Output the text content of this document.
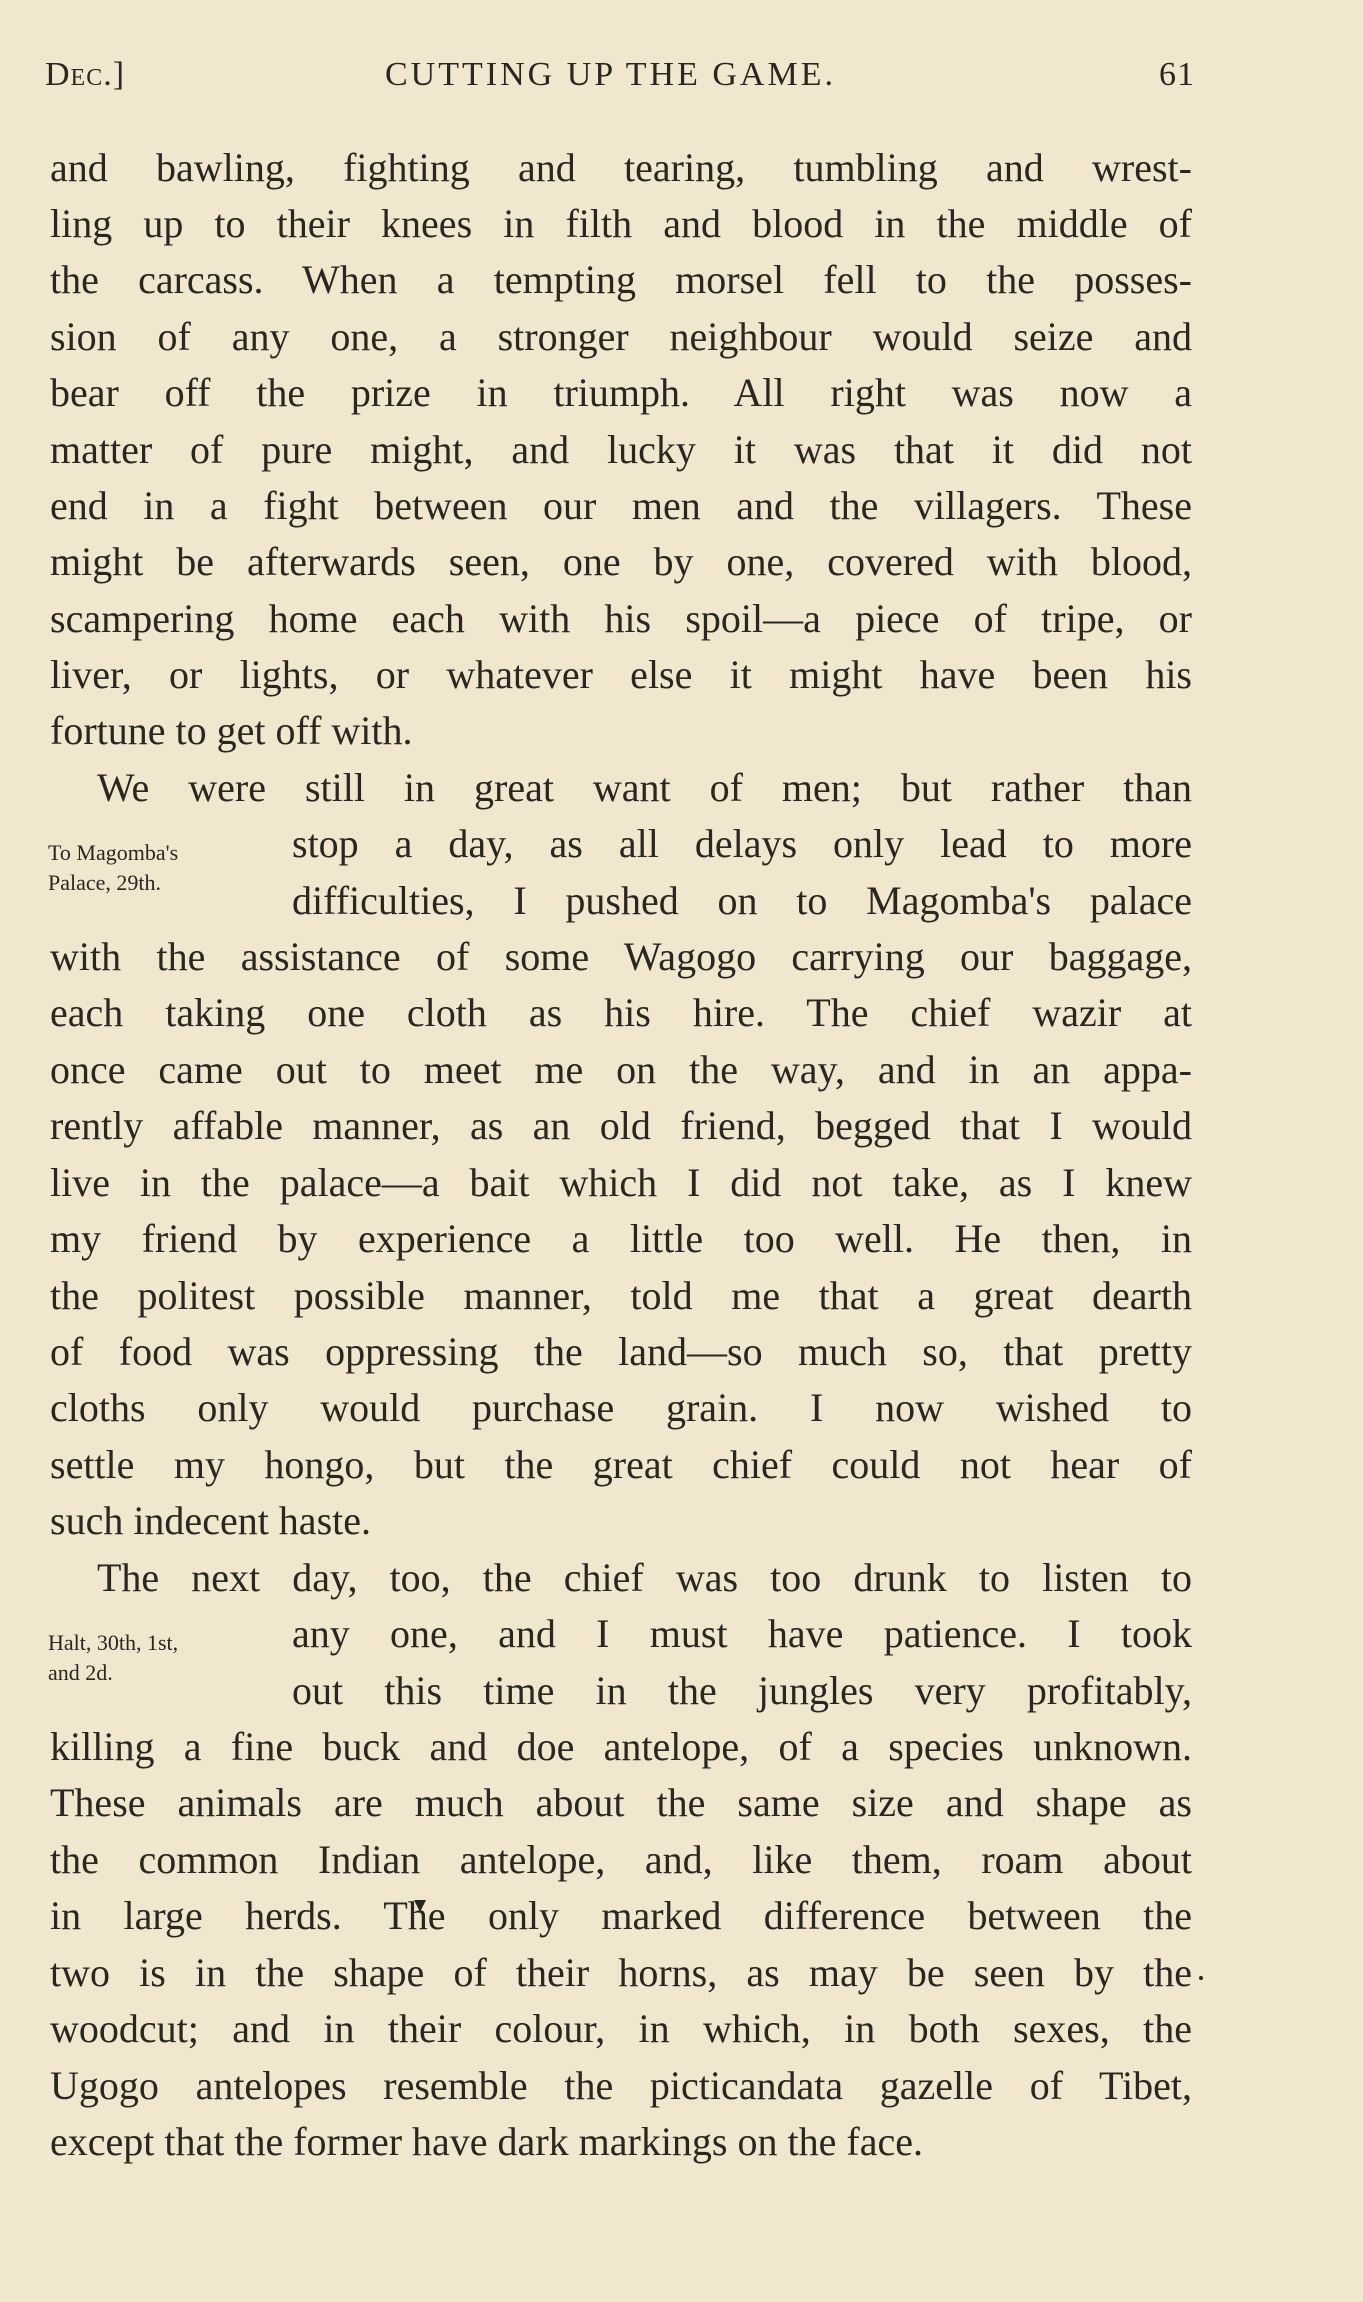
Dec.]	CUTTING UP THE GAME.	61
and bawling, fighting and tearing, tumbling and wrest-
ling up to their knees in filth and blood in the middle of
the carcass. When a tempting morsel fell to the posses-
sion of any one, a stronger neighbour would seize and
bear off the prize in triumph. All right was now a
matter of pure might, and lucky it was that it did not
end in a fight between our men and the villagers. These
might be afterwards seen, one by one, covered with blood,
scampering home each with his spoil—a piece of tripe, or
liver, or lights, or whatever else it might have been his
fortune to get off with.
We were still in great want of men; but rather than
stop a day, as all delays only lead to more
difficulties, I pushed on to Magomba's palace
with the assistance of some Wagogo carrying our baggage,
each taking one cloth as his hire. The chief wazir at
once came out to meet me on the way, and in an appa-
rently affable manner, as an old friend, begged that I would
live in the palace—a bait which I did not take, as I knew
my friend by experience a little too well. He then, in
the politest possible manner, told me that a great dearth
of food was oppressing the land—so much so, that pretty
cloths only would purchase grain. I now wished to
settle my hongo, but the great chief could not hear of
such indecent haste.
The next day, too, the chief was too drunk to listen to
any one, and I must have patience. I took
out this time in the jungles very profitably,
killing a fine buck and doe antelope, of a species unknown.
These animals are much about the same size and shape as
the common Indian antelope, and, like them, roam about
in large herds. The only marked difference between the
two is in the shape of their horns, as may be seen by the
woodcut; and in their colour, in which, in both sexes, the
Ugogo antelopes resemble the picticandata gazelle of Tibet,
except that the former have dark markings on the face.
To Magomba's
Palace, 29th.
Halt, 30th, 1st,
and 2d.
